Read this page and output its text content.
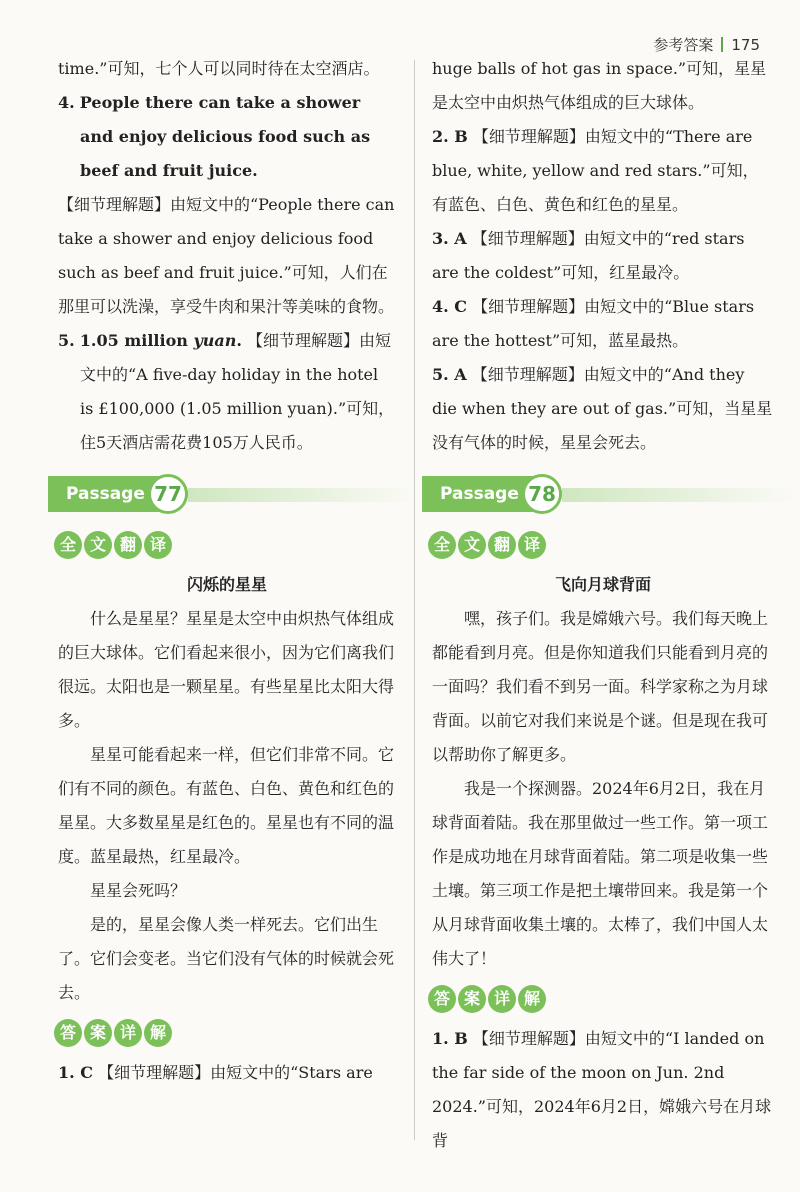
参考答案 175

time.”可知，七个人可以同时待在太空酒店。

4. People there can take a shower and enjoy delicious food such as beef and fruit juice.

【细节理解题】由短文中的“People there can take a shower and enjoy delicious food such as beef and fruit juice.”可知，人们在那里可以洗澡，享受牛肉和果汁等美味的食物。

5. 1.05 million yuan. 【细节理解题】由短文中的“A five-day holiday in the hotel is £100,000 (1.05 million yuan).”可知，住5天酒店需花费105万人民币。

Passage 77
全 文 翻 译

闪烁的星星

什么是星星？星星是太空中由炽热气体组成的巨大球体。它们看起来很小，因为它们离我们很远。太阳也是一颗星星。有些星星比太阳大得多。

星星可能看起来一样，但它们非常不同。它们有不同的颜色。有蓝色、白色、黄色和红色的星星。大多数星星是红色的。星星也有不同的温度。蓝星最热，红星最冷。

星星会死吗？

是的，星星会像人类一样死去。它们出生了。它们会变老。当它们没有气体的时候就会死去。

答 案 详 解

1. C 【细节理解题】由短文中的“Stars are

huge balls of hot gas in space.”可知，星星是太空中由炽热气体组成的巨大球体。

2. B 【细节理解题】由短文中的“There are blue, white, yellow and red stars.”可知，有蓝色、白色、黄色和红色的星星。

3. A 【细节理解题】由短文中的“red stars are the coldest”可知，红星最冷。

4. C 【细节理解题】由短文中的“Blue stars are the hottest”可知，蓝星最热。

5. A 【细节理解题】由短文中的“And they die when they are out of gas.”可知，当星星没有气体的时候，星星会死去。

Passage 78
全 文 翻 译

飞向月球背面

嘿，孩子们。我是嫦娥六号。我们每天晚上都能看到月亮。但是你知道我们只能看到月亮的一面吗？我们看不到另一面。科学家称之为月球背面。以前它对我们来说是个谜。但是现在我可以帮助你了解更多。

我是一个探测器。2024年6月2日，我在月球背面着陆。我在那里做过一些工作。第一项工作是成功地在月球背面着陆。第二项是收集一些土壤。第三项工作是把土壤带回来。我是第一个从月球背面收集土壤的。太棒了，我们中国人太伟大了！

答 案 详 解

1. B 【细节理解题】由短文中的“I landed on the far side of the moon on Jun. 2nd 2024.”可知，2024年6月2日，嫦娥六号在月球背
